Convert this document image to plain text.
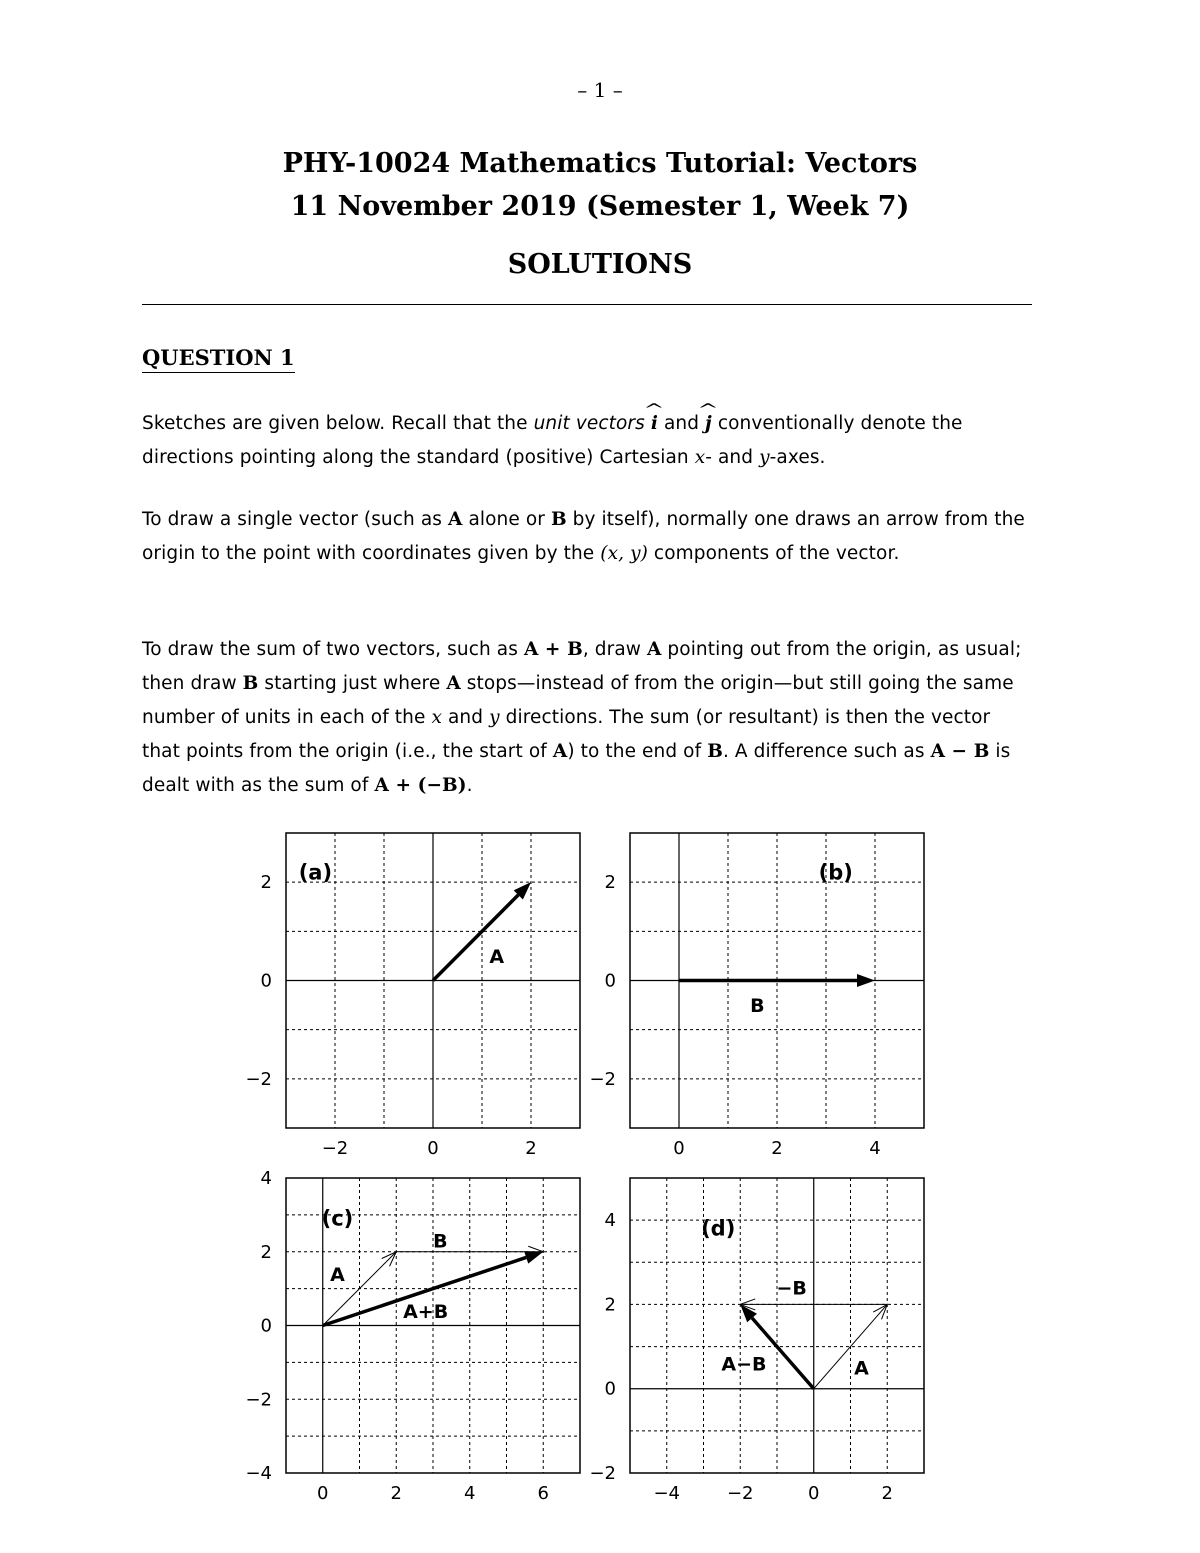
– 1 –
PHY-10024 Mathematics Tutorial: Vectors
11 November 2019 (Semester 1, Week 7)
SOLUTIONS
QUESTION 1
Sketches are given below. Recall that the unit vectors ^ i and ^ j conventionally denote the directions pointing along the standard (positive) Cartesian x- and y-axes.
To draw a single vector (such as A alone or B by itself), normally one draws an arrow from the origin to the point with coordinates given by the (x, y) components of the vector.
To draw the sum of two vectors, such as A + B, draw A pointing out from the origin, as usual; then draw B starting just where A stops—instead of from the origin—but still going the same number of units in each of the x and y directions. The sum (or resultant) is then the vector that points from the origin (i.e., the start of A) to the end of B. A difference such as A − B is dealt with as the sum of A + (−B).
−2	0	2
−2
0
2 (a)
A
0	2	4
−2
0
2	(b)
B
0	2	4	6
−4
−2
0
2
4
(c)
A
B
A+B
−4	−2	0	2
−2
0
2
4	(d)
A
−B
A−B
